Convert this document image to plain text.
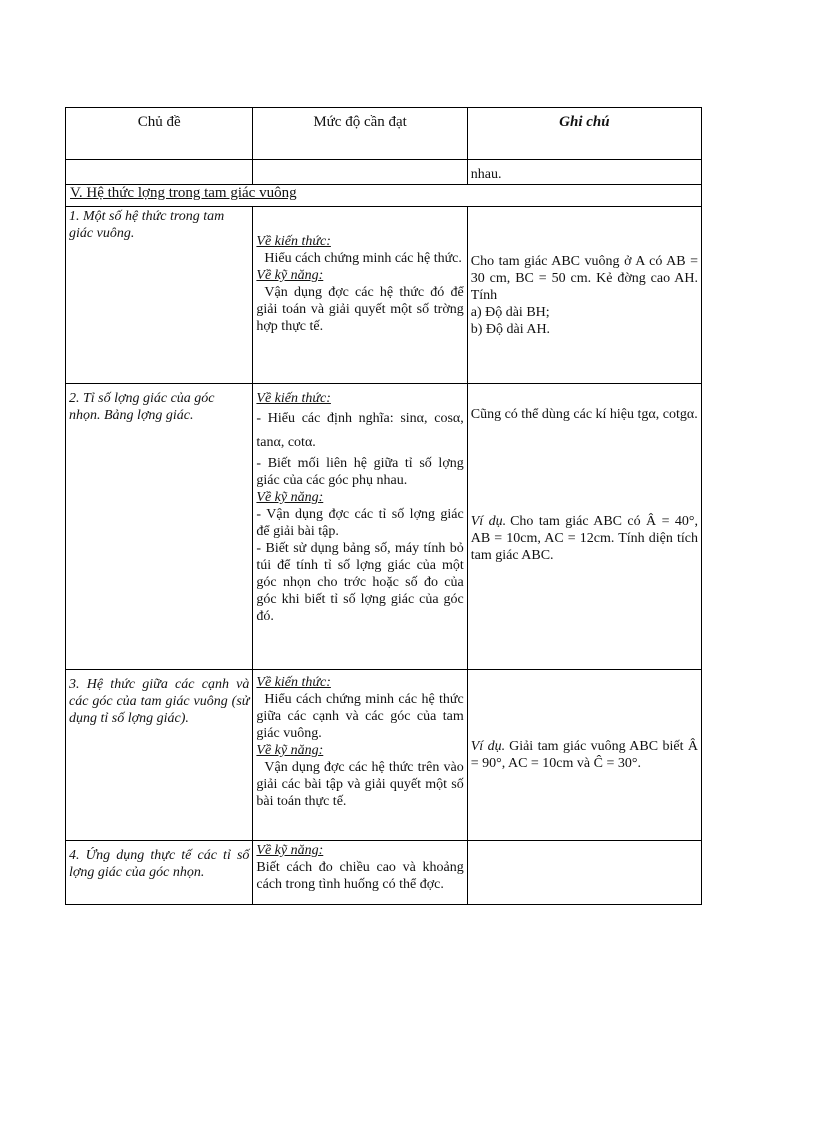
Chủ đề	Mức độ cần đạt	Ghi chú
nhau.
V. Hệ thức lợng trong tam giác vuông
1. Một số hệ thức trong tam giác vuông.
Về kiến thức:
Hiểu cách chứng minh các hệ thức.
Về kỹ năng:
Vận dụng đợc các hệ thức đó để giải toán và giải quyết một số trờng hợp thực tế.
Cho tam giác ABC vuông ở A có AB = 30 cm, BC = 50 cm. Kẻ đờng cao AH. Tính
a) Độ dài BH;
b) Độ dài AH.
2. Tỉ số lợng giác của góc nhọn. Bảng lợng giác.
Về kiến thức:
- Hiểu các định nghĩa: sinα, cosα, tanα, cotα.
- Biết mối liên hệ giữa tỉ số lợng giác của các góc phụ nhau.
Về kỹ năng:
- Vận dụng đợc các tỉ số lợng giác để giải bài tập.
- Biết sử dụng bảng số, máy tính bỏ túi để tính tỉ số lợng giác của một góc nhọn cho trớc hoặc số đo của góc khi biết tỉ số lợng giác của góc đó.
Cũng có thể dùng các kí hiệu tgα, cotgα.
Ví dụ. Cho tam giác ABC có Â = 40°, AB = 10cm, AC = 12cm. Tính diện tích tam giác ABC.
3. Hệ thức giữa các cạnh và các góc của tam giác vuông (sử dụng tỉ số lợng giác).
Về kiến thức:
Hiểu cách chứng minh các hệ thức giữa các cạnh và các góc của tam giác vuông.
Về kỹ năng:
Vận dụng đợc các hệ thức trên vào giải các bài tập và giải quyết một số bài toán thực tế.
Ví dụ. Giải tam giác vuông ABC biết Â = 90°, AC = 10cm và Ĉ = 30°.
4. Ứng dụng thực tế các tỉ số lợng giác của góc nhọn.
Về kỹ năng:
Biết cách đo chiều cao và khoảng cách trong tình huống có thể đợc.
